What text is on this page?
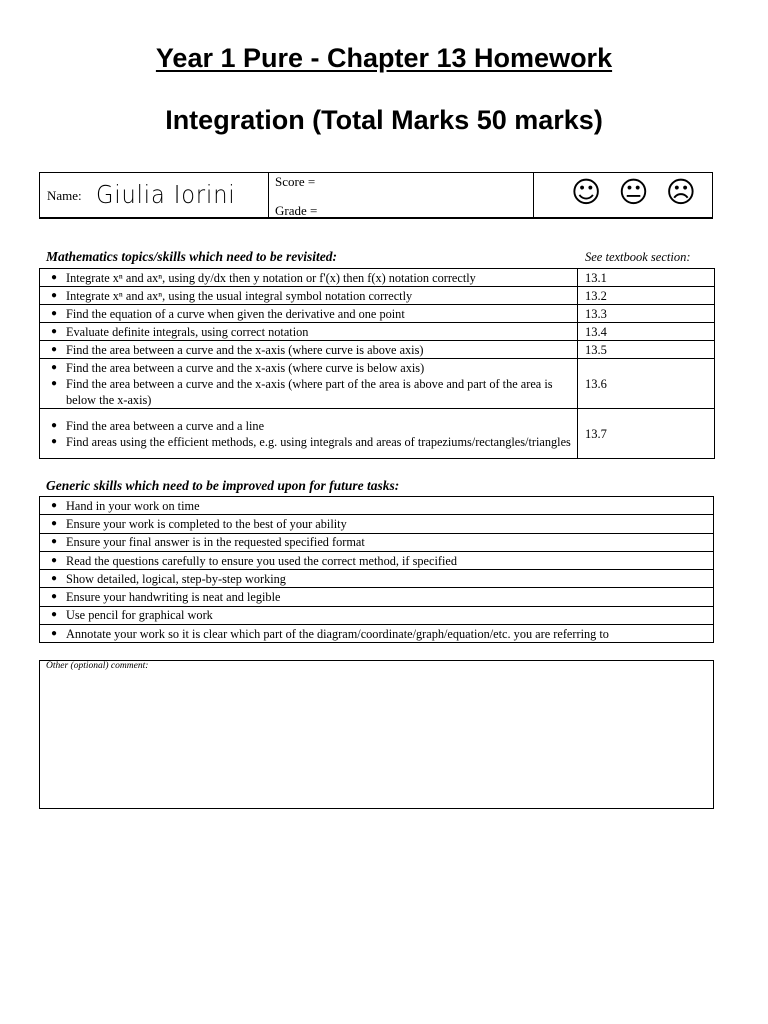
Year 1 Pure - Chapter 13 Homework
Integration (Total Marks 50 marks)
Name: Giulia Iorini	Score =
Grade =
☺ 😐 ☹
Mathematics topics/skills which need to be revisited:	See textbook section:
● Integrate xⁿ and axⁿ, using dy/dx then y notation or f'(x) then f(x) notation correctly	13.1

● Integrate xⁿ and axⁿ, using the usual integral symbol notation correctly	13.2

● Find the equation of a curve when given the derivative and one point	13.3

● Evaluate definite integrals, using correct notation	13.4

● Find the area between a curve and the x-axis (where curve is above axis)	13.5

● Find the area between a curve and the x-axis (where curve is below axis)
● Find the area between a curve and the x-axis (where part of the area is above and part of the area is below the x-axis)	13.6

● Find the area between a curve and a line
● Find areas using the efficient methods, e.g. using integrals and areas of trapeziums/rectangles/triangles	13.7
Generic skills which need to be improved upon for future tasks:
● Hand in your work on time

● Ensure your work is completed to the best of your ability

● Ensure your final answer is in the requested specified format

● Read the questions carefully to ensure you used the correct method, if specified

● Show detailed, logical, step-by-step working

● Ensure your handwriting is neat and legible

● Use pencil for graphical work

● Annotate your work so it is clear which part of the diagram/coordinate/graph/equation/etc. you are referring to
Other (optional) comment:
